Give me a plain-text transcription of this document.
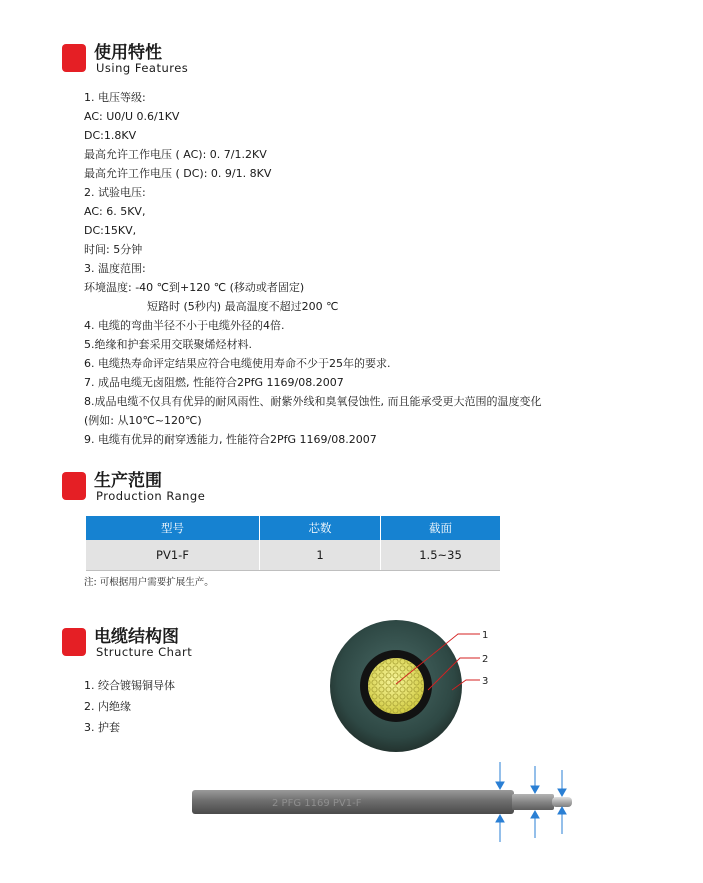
使用特性
Using Features
1. 电压等级:
AC: U0/U 0.6/1KV
DC:1.8KV
最高允许工作电压 ( AC): 0. 7/1.2KV
最高允许工作电压 ( DC): 0. 9/1. 8KV
2. 试验电压:
AC: 6. 5KV,
DC:15KV,
时间: 5分钟
3. 温度范围:
环境温度: -40 ℃到+120 ℃ (移动或者固定)
短路时 (5秒内) 最高温度不超过200 ℃
4. 电缆的弯曲半径不小于电缆外径的4倍.
5.绝缘和护套采用交联聚烯烃材料.
6. 电缆热寿命评定结果应符合电缆使用寿命不少于25年的要求.
7. 成品电缆无卤阻燃, 性能符合2PfG 1169/08.2007
8.成品电缆不仅具有优异的耐风雨性、耐紫外线和臭氧侵蚀性, 而且能承受更大范围的温度变化
(例如: 从10℃~120℃)
9. 电缆有优异的耐穿透能力, 性能符合2PfG 1169/08.2007
生产范围
Production Range
型号	芯数	截面
PV1-F	1	1.5~35
注: 可根据用户需要扩展生产。
电缆结构图
Structure Chart
1. 绞合镀锡铜导体
2. 内绝缘
3. 护套
1
2
3
2 PFG 1169 PV1-F
